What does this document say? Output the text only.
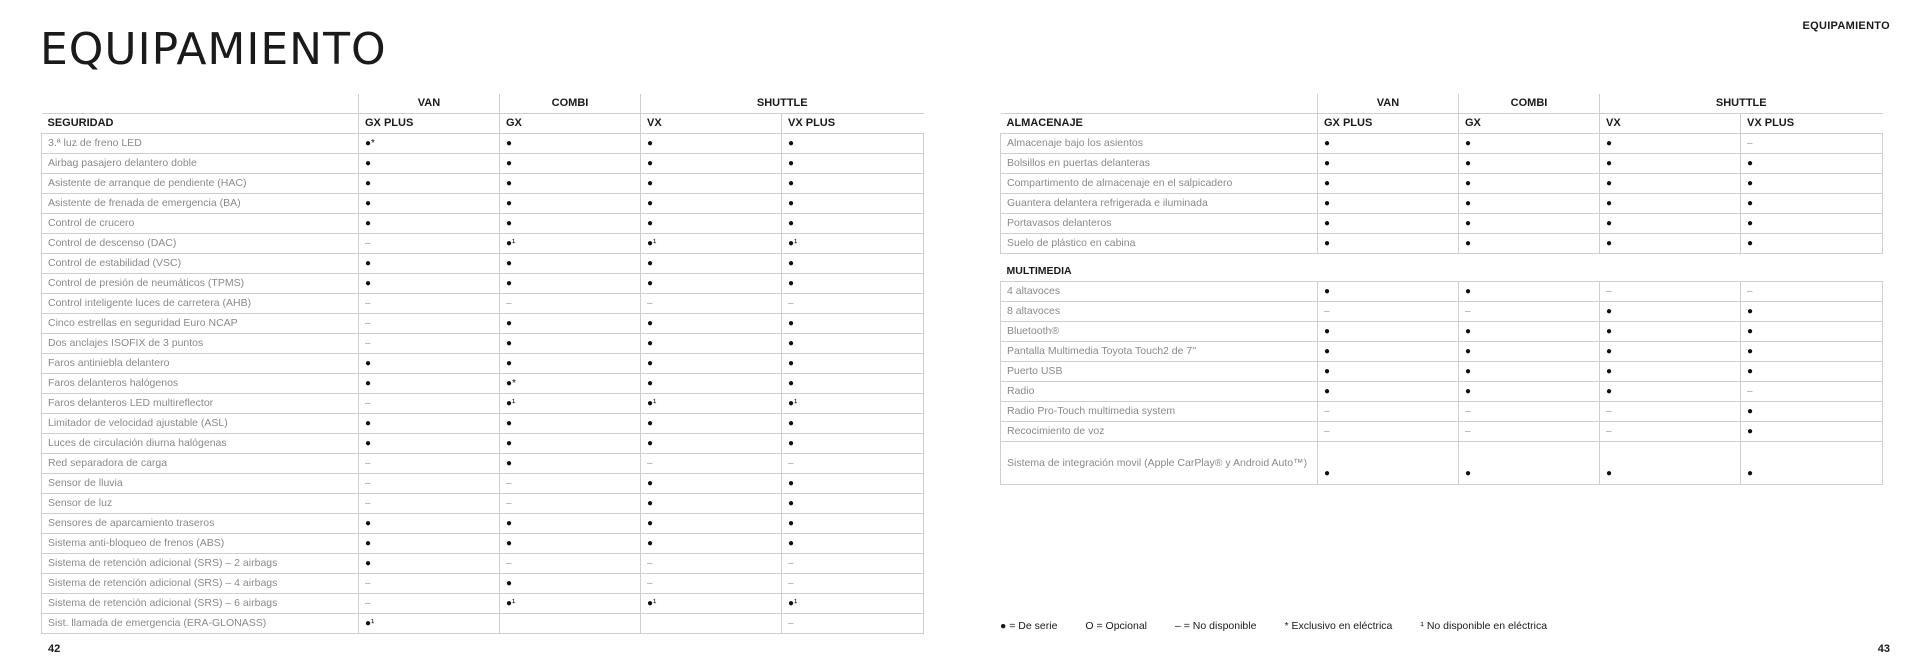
EQUIPAMIENTO	EQUIPAMIENTO
42	43
	VAN	COMBI	SHUTTLE	
SEGURIDAD	GX PLUS	GX	VX	VX PLUS
3.ª luz de freno LED	●*	●	●	●
Airbag pasajero delantero doble	●	●	●	●
Asistente de arranque de pendiente (HAC)	●	●	●	●
Asistente de frenada de emergencia (BA)	●	●	●	●
Control de crucero	●	●	●	●
Control de descenso (DAC)	–	●¹	●¹	●¹
Control de estabilidad (VSC)	●	●	●	●
Control de presión de neumáticos (TPMS)	●	●	●	●
Control inteligente luces de carretera (AHB)	–	–	–	–
Cinco estrellas en seguridad Euro NCAP	–	●	●	●
Dos anclajes ISOFIX de 3 puntos	–	●	●	●
Faros antiniebla delantero	●	●	●	●
Faros delanteros halógenos	●	●*	●	●
Faros delanteros LED multireflector	–	●¹	●¹	●¹
Limitador de velocidad ajustable (ASL)	●	●	●	●
Luces de circulación diurna halógenas	●	●	●	●
Red separadora de carga	–	●	–	–
Sensor de lluvia	–	–	●	●
Sensor de luz	–	–	●	●
Sensores de aparcamiento traseros	●	●	●	●
Sistema anti-bloqueo de frenos (ABS)	●	●	●	●
Sistema de retención adicional (SRS) – 2 airbags	●	–	–	–
Sistema de retención adicional (SRS) – 4 airbags	–	●	–	–
Sistema de retención adicional (SRS) – 6 airbags	–	●¹	●¹	●¹
Sist. llamada de emergencia (ERA-GLONASS)	●¹			–
	VAN	COMBI	SHUTTLE	
ALMACENAJE	GX PLUS	GX	VX	VX PLUS
Almacenaje bajo los asientos	●	●	●	–
Bolsillos en puertas delanteras	●	●	●	●
Compartimento de almacenaje en el salpicadero	●	●	●	●
Guantera delantera refrigerada e iluminada	●	●	●	●
Portavasos delanteros	●	●	●	●
Suelo de plástico en cabina	●	●	●	●
MULTIMEDIA				
4 altavoces	●	●	–	–
8 altavoces	–	–	●	●
Bluetooth®	●	●	●	●
Pantalla Multimedia Toyota Touch2 de 7''	●	●	●	●
Puerto USB	●	●	●	●
Radio	●	●	●	–
Radio Pro-Touch multimedia system	–	–	–	●
Recocimiento de voz	–	–	–	●
Sistema de integración movil (Apple CarPlay® y Android Auto™)	●	●	●	●
● = De serie	O = Opcional	– = No disponible	* Exclusivo en eléctrica	¹ No disponible en eléctrica
